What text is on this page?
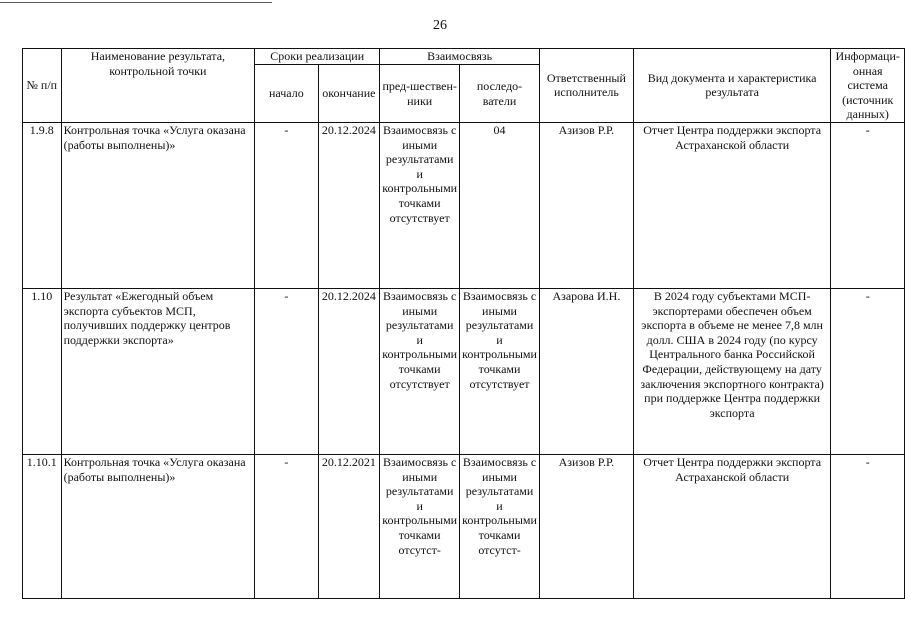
26
№ п/п	Наименование результата, контрольной точки	Сроки реализации		Взаимосвязь		Ответственный исполнитель	Вид документа и характеристика результата	Информаци-онная система (источник данных)
		начало	окончание	пред-шествен-ники	последо-ватели			
1.9.8	Контрольная точка «Услуга оказана (работы выполнены)»	-	20.12.2024	Взаимосвязь с иными результатами и контрольными точками отсутствует	04	Азизов Р.Р.	Отчет Центра поддержки экспорта Астраханской области	-
1.10	Результат «Ежегодный объем экспорта субъектов МСП, получивших поддержку центров поддержки экспорта»	-	20.12.2024	Взаимосвязь с иными результатами и контрольными точками отсутствует	Взаимосвязь с иными результатами и контрольными точками отсутствует	Азарова И.Н.	В 2024 году субъектами МСП-экспортерами обеспечен объем экспорта в объеме не менее 7,8 млн долл. США в 2024 году (по курсу Центрального банка Российской Федерации, действующему на дату заключения экспортного контракта) при поддержке Центра поддержки экспорта	-
1.10.1	Контрольная точка «Услуга оказана (работы выполнены)»	-	20.12.2021	Взаимосвязь с иными результатами и контрольными точками отсутст-	Взаимосвязь с иными результатами и контрольными точками отсутст-	Азизов Р.Р.	Отчет Центра поддержки экспорта Астраханской области	-
